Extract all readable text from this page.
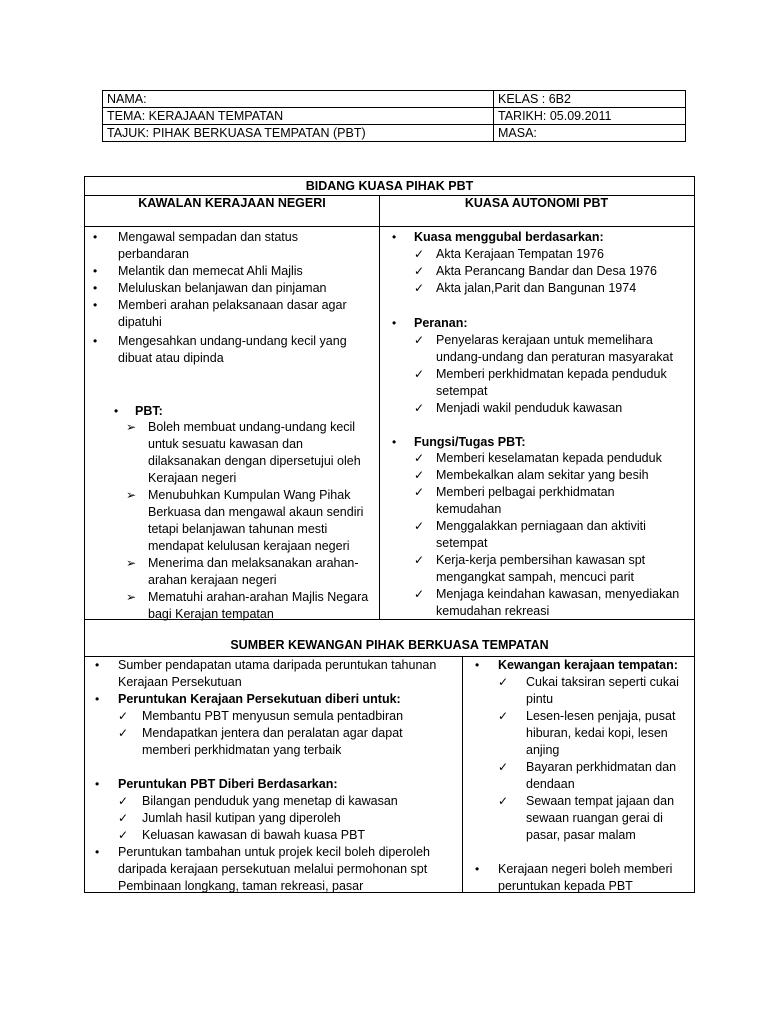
NAMA:	KELAS : 6B2
TEMA: KERAJAAN TEMPATAN	TARIKH: 05.09.2011
TAJUK: PIHAK BERKUASA TEMPATAN (PBT)	MASA:
BIDANG KUASA PIHAK PBT
KAWALAN KERAJAAN NEGERI	KUASA AUTONOMI PBT
• Mengawal sempadan dan status
perbandaran
• Melantik dan memecat Ahli Majlis
• Meluluskan belanjawan dan pinjaman
• Memberi arahan pelaksanaan dasar agar
dipatuhi
• Mengesahkan undang-undang kecil yang
dibuat atau dipinda
• PBT:
➢ Boleh membuat undang-undang kecil
untuk sesuatu kawasan dan
dilaksanakan dengan dipersetujui oleh
Kerajaan negeri
➢ Menubuhkan Kumpulan Wang Pihak
Berkuasa dan mengawal akaun sendiri
tetapi belanjawan tahunan mesti
mendapat kelulusan kerajaan negeri
➢ Menerima dan melaksanakan arahan-
arahan kerajaan negeri
➢ Mematuhi arahan-arahan Majlis Negara
bagi Kerajan tempatan
• Kuasa menggubal berdasarkan:
✓ Akta Kerajaan Tempatan 1976
✓ Akta Perancang Bandar dan Desa 1976
✓ Akta jalan,Parit dan Bangunan 1974
• Peranan:
✓ Penyelaras kerajaan untuk memelihara
undang-undang dan peraturan masyarakat
✓ Memberi perkhidmatan kepada penduduk
setempat
✓ Menjadi wakil penduduk kawasan
• Fungsi/Tugas PBT:
✓ Memberi keselamatan kepada penduduk
✓ Membekalkan alam sekitar yang besih
✓ Memberi pelbagai perkhidmatan
kemudahan
✓ Menggalakkan perniagaan dan aktiviti
setempat
✓ Kerja-kerja pembersihan kawasan spt
mengangkat sampah, mencuci parit
✓ Menjaga keindahan kawasan, menyediakan
kemudahan rekreasi
SUMBER KEWANGAN PIHAK BERKUASA TEMPATAN
• Sumber pendapatan utama daripada peruntukan tahunan
Kerajaan Persekutuan
• Peruntukan Kerajaan Persekutuan diberi untuk:
✓ Membantu PBT menyusun semula pentadbiran
✓ Mendapatkan jentera dan peralatan agar dapat
memberi perkhidmatan yang terbaik
• Peruntukan PBT Diberi Berdasarkan:
✓ Bilangan penduduk yang menetap di kawasan
✓ Jumlah hasil kutipan yang diperoleh
✓ Keluasan kawasan di bawah kuasa PBT
• Peruntukan tambahan untuk projek kecil boleh diperoleh
daripada kerajaan persekutuan melalui permohonan spt
Pembinaan longkang, taman rekreasi, pasar
• Kewangan kerajaan tempatan:
✓ Cukai taksiran seperti cukai
pintu
✓ Lesen-lesen penjaja, pusat
hiburan, kedai kopi, lesen
anjing
✓ Bayaran perkhidmatan dan
dendaan
✓ Sewaan tempat jajaan dan
sewaan ruangan gerai di
pasar, pasar malam
• Kerajaan negeri boleh memberi
peruntukan kepada PBT
